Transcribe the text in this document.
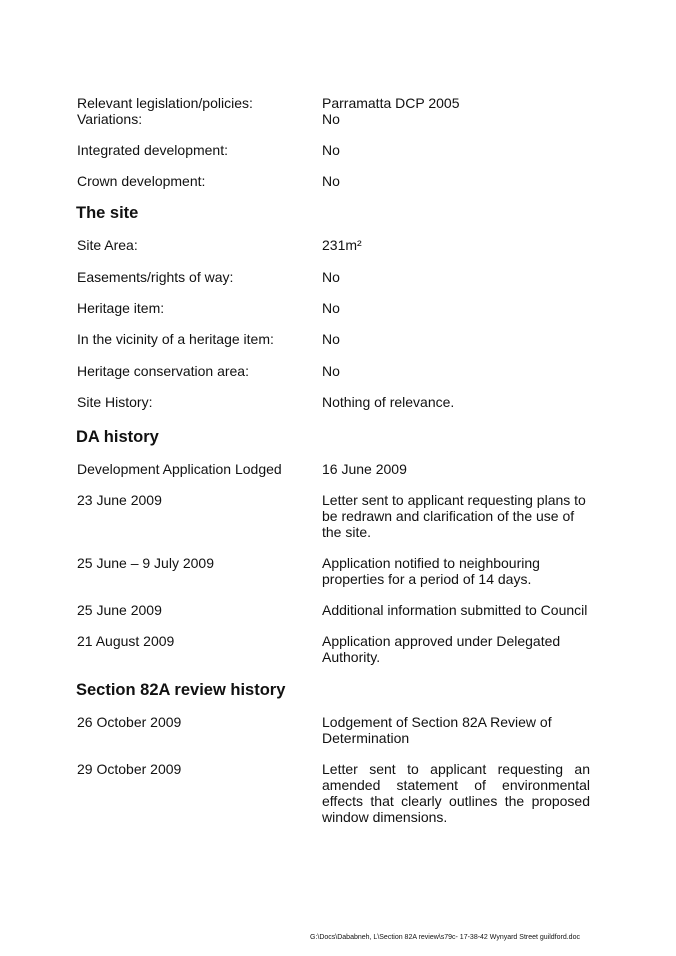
Relevant legislation/policies:	Parramatta DCP 2005
Variations:	No
Integrated development:	No
Crown development:	No
The site
Site Area:	231m²
Easements/rights of way:	No
Heritage item:	No
In the vicinity of a heritage item:	No
Heritage conservation area:	No
Site History:	Nothing of relevance.
DA history
Development Application Lodged	16 June 2009
23 June 2009	Letter sent to applicant requesting plans to
be redrawn and clarification of the use of
the site.
25 June – 9 July 2009	Application notified to neighbouring
properties for a period of 14 days.
25 June 2009	Additional information submitted to Council
21 August 2009	Application approved under Delegated
Authority.
Section 82A review history
26 October 2009	Lodgement of Section 82A Review of
Determination
29 October 2009	Letter sent to applicant requesting an amended statement of environmental effects that clearly outlines the proposed window dimensions.
G:\Docs\Dababneh, L\Section 82A review\s79c- 17-38-42 Wynyard Street guildford.doc
